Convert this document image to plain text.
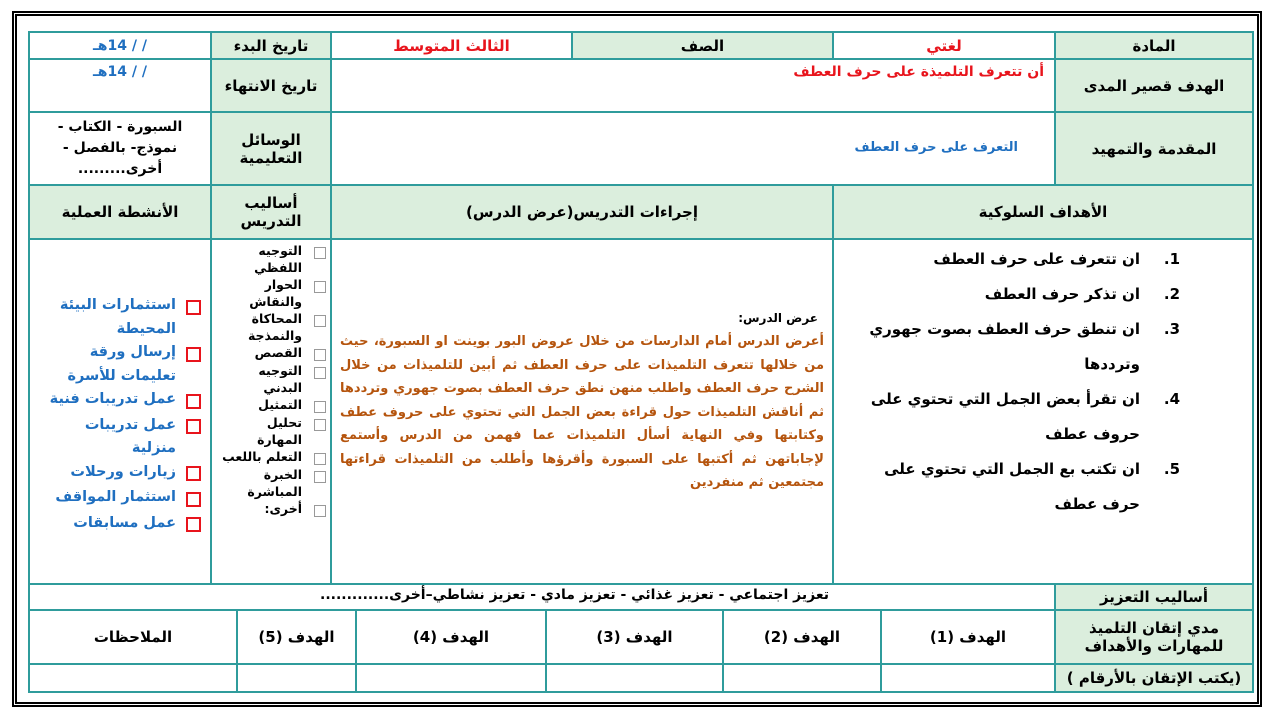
المادة
لغتي
الصف
الثالث المتوسط
تاريخ البدء
/ / 14هـ
الهدف قصير المدى
أن تتعرف التلميذة على حرف العطف
تاريخ الانتهاء
/ / 14هـ
المقدمة والتمهيد
التعرف على حرف العطف
الوسائل التعليمية
السبورة - الكتاب - نموذج- بالفصل - أخرى.........
الأهداف السلوكية
إجراءات التدريس(عرض الدرس)
أساليب التدريس
الأنشطة العملية
1.
ان تتعرف على حرف العطف
2.
ان تذكر حرف العطف
3.
ان تنطق حرف العطف بصوت جهوري وترددها
4.
ان تقرأ بعض الجمل التي تحتوي على حروف عطف
5.
ان تكتب بع الجمل التي تحتوي على حرف عطف
عرض الدرس:
أعرض الدرس أمام الدارسات من خلال عروض البور بوينت او السبورة، حيث من خلالها تتعرف التلميذات على حرف العطف ثم أبين للتلميذات من خلال الشرح حرف العطف واطلب منهن نطق حرف العطف بصوت جهوري وترددها ثم أناقش التلميذات حول قراءة بعض الجمل التي تحتوي على حروف عطف وكتابتها وفي النهاية أسأل التلميذات عما فهمن من الدرس وأستمع لإجاباتهن ثم أكتبها على السبورة وأقرؤها وأطلب من التلميذات قراءتها مجتمعين ثم منفردين
التوجيه اللفظي
الحوار والنقاش
المحاكاة والنمذجة
القصص
التوجيه البدني
التمثيل
تحليل المهارة
التعلم باللعب
الخبرة المباشرة
أخرى:
استثمارات البيئة المحيطة
إرسال ورقة تعليمات للأسرة
عمل تدريبات فنية
عمل تدريبات منزلية
زيارات ورحلات
استثمار المواقف
عمل مسابقات
أساليب التعزيز
تعزيز اجتماعي - تعزيز غذائي - تعزيز مادي - تعزيز نشاطي–أخرى.............
مدي إتقان التلميذ للمهارات والأهداف
الهدف (1)
الهدف (2)
الهدف (3)
الهدف (4)
الهدف (5)
الملاحظات
( يكتب الإتقان بالأرقام)
